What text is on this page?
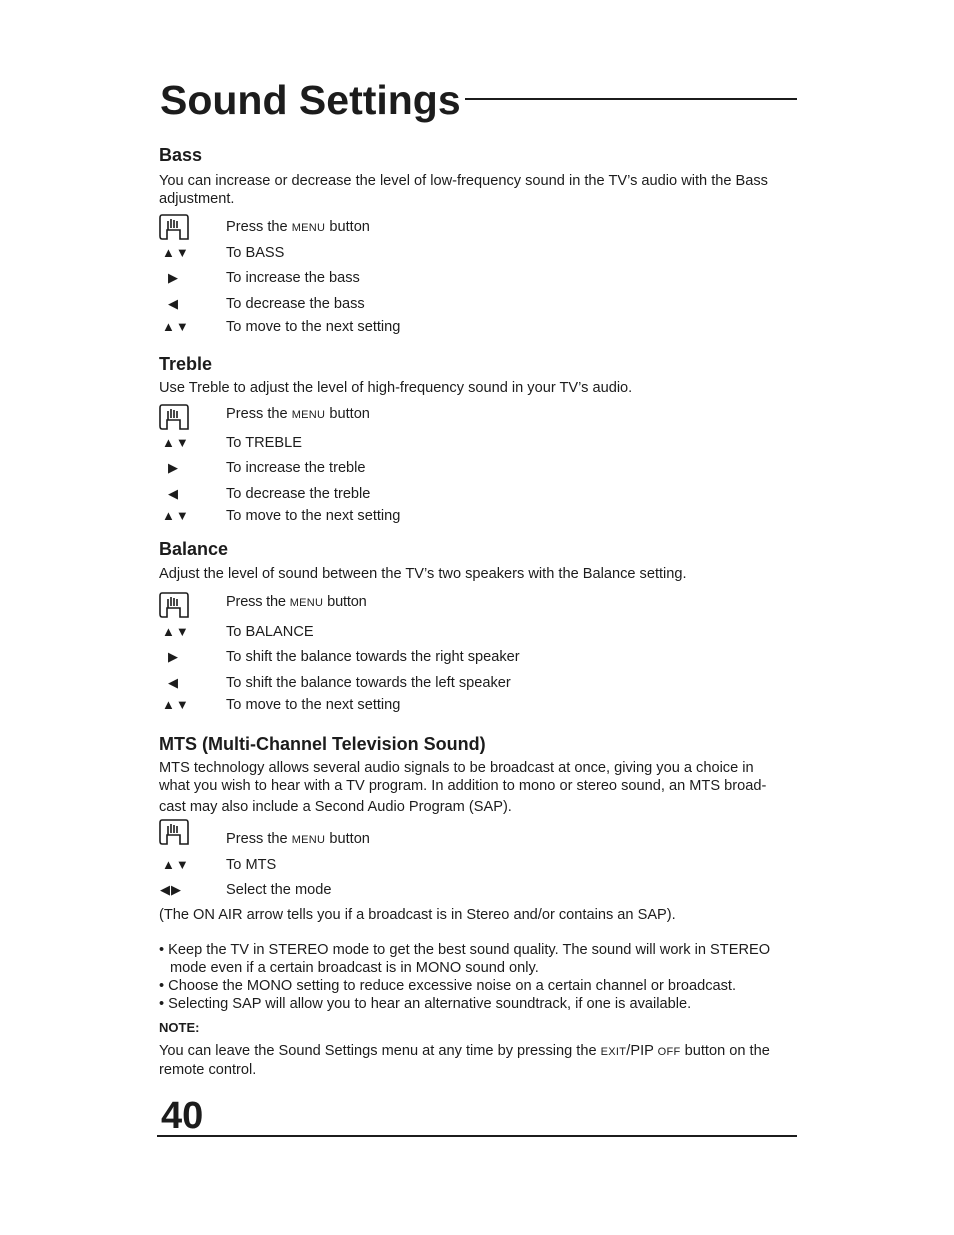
Sound Settings
Bass
You can increase or decrease the level of low-frequency sound in the TV’s audio with the Bass adjustment.
Press the MENU button
▲▼ To BASS
▶	To increase the bass
◀	To decrease the bass
▲▼ To move to the next setting
Treble
Use Treble to adjust the level of high-frequency sound in your TV’s audio.
Press the MENU button
▲▼ To TREBLE
▶	To increase the treble
◀	To decrease the treble
▲▼ To move to the next setting
Balance
Adjust the level of sound between the TV’s two speakers with the Balance setting.
Press the MENU button
▲▼ To BALANCE
▶	To shift the balance towards the right speaker
◀	To shift the balance towards the left speaker
▲▼ To move to the next setting
MTS (Multi-Channel Television Sound)
MTS technology allows several audio signals to be broadcast at once, giving you a choice in
what you wish to hear with a TV program. In addition to mono or stereo sound, an MTS broad-
cast may also include a Second Audio Program (SAP).
Press the MENU button
▲▼ To MTS
◀▶	Select the mode
(The ON AIR arrow tells you if a broadcast is in Stereo and/or contains an SAP).
• Keep the TV in STEREO mode to get the best sound quality. The sound will work in STEREO mode even if a certain broadcast is in MONO sound only.
• Choose the MONO setting to reduce excessive noise on a certain channel or broadcast.
• Selecting SAP will allow you to hear an alternative soundtrack, if one is available.
NOTE:
You can leave the Sound Settings menu at any time by pressing the EXIT/PIP OFF button on the remote control.
40
